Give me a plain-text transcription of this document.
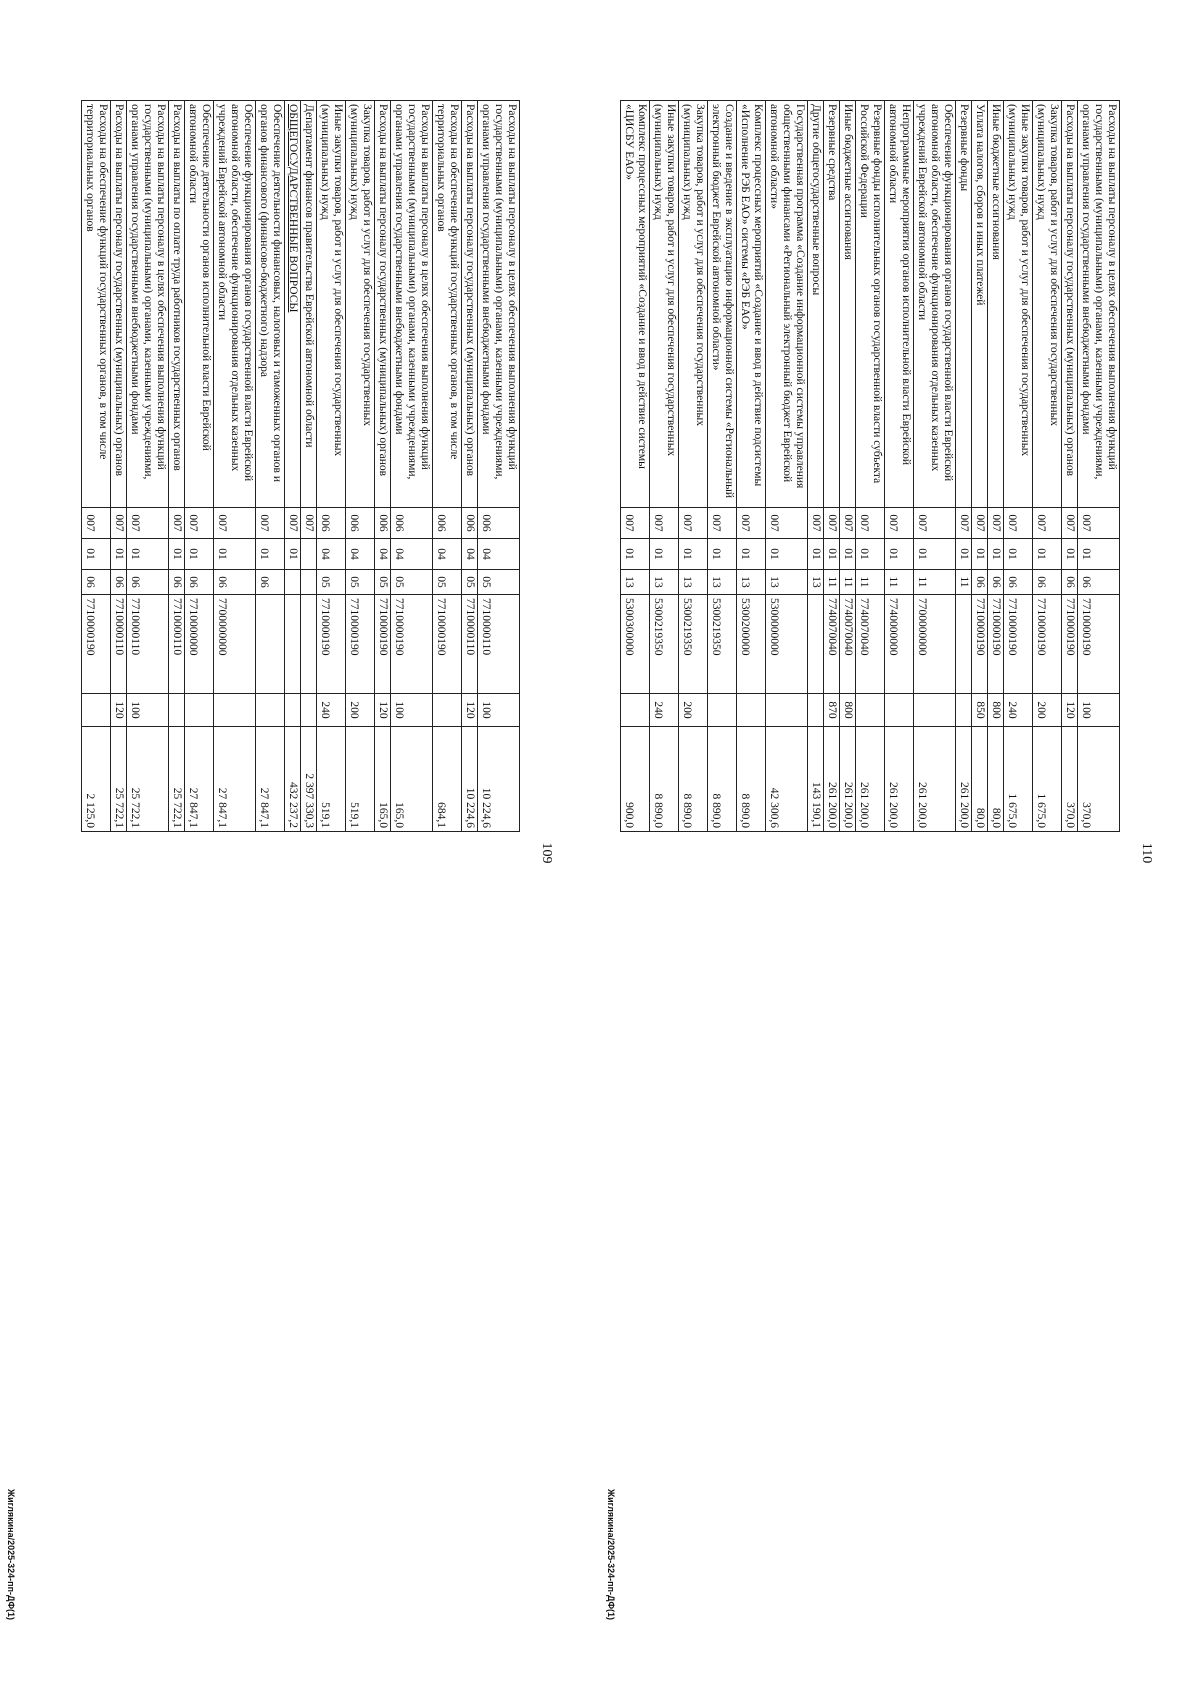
109
Расходы на выплаты персоналу в целях обеспечения выполнения функций государственными (муниципальными) органами, казенными учреждениями, органами управления государственными внебюджетными фондами	006	04	05	7710000110	100	10 224,6
Расходы на выплаты персоналу государственных (муниципальных) органов	006	04	05	7710000110	120	10 224,6
Расходы на обеспечение функций государственных органов, в том числе территориальных органов	006	04	05	7710000190		684,1
Расходы на выплаты персоналу в целях обеспечения выполнения функций государственными (муниципальными) органами, казенными учреждениями, органами управления государственными внебюджетными фондами	006	04	05	7710000190	100	165,0
Расходы на выплаты персоналу государственных (муниципальных) органов	006	04	05	7710000190	120	165,0
Закупка товаров, работ и услуг для обеспечения государственных (муниципальных) нужд	006	04	05	7710000190	200	519,1
Иные закупки товаров, работ и услуг для обеспечения государственных (муниципальных) нужд	006	04	05	7710000190	240	519,1
Департамент финансов правительства Еврейской автономной области	007					2 397 330,3
ОБЩЕГОСУДАРСТВЕННЫЕ ВОПРОСЫ	007	01				432 237,2
Обеспечение деятельности финансовых, налоговых и таможенных органов и органов финансового (финансово-бюджетного) надзора	007	01	06			27 847,1
Обеспечение функционирования органов государственной власти Еврейской автономной области, обеспечение функционирования отдельных казенных учреждений Еврейской автономной области	007	01	06	7700000000		27 847,1
Обеспечение деятельности органов исполнительной власти Еврейской автономной области	007	01	06	7710000000		27 847,1
Расходы на выплаты по оплате труда работников государственных органов	007	01	06	7710000110		25 722,1
Расходы на выплаты персоналу в целях обеспечения выполнения функций государственными (муниципальными) органами, казенными учреждениями, органами управления государственными внебюджетными фондами	007	01	06	7710000110	100	25 722,1
Расходы на выплаты персоналу государственных (муниципальных) органов	007	01	06	7710000110	120	25 722,1
Расходы на обеспечение функций государственных органов, в том числе территориальных органов	007	01	06	7710000190		2 125,0
Жиглякина/2025-324-пп-ДФ(1)
110
Расходы на выплаты персоналу в целях обеспечения выполнения функций государственными (муниципальными) органами, казенными учреждениями, органами управления государственными внебюджетными фондами	007	01	06	7710000190	100	370,0
Расходы на выплаты персоналу государственных (муниципальных) органов	007	01	06	7710000190	120	370,0
Закупка товаров, работ и услуг для обеспечения государственных (муниципальных) нужд	007	01	06	7710000190	200	1 675,0
Иные закупки товаров, работ и услуг для обеспечения государственных (муниципальных) нужд	007	01	06	7710000190	240	1 675,0
Иные бюджетные ассигнования	007	01	06	7710000190	800	80,0
Уплата налогов, сборов и иных платежей	007	01	06	7710000190	850	80,0
Резервные фонды	007	01	11			261 200,0
Обеспечение функционирования органов государственной власти Еврейской автономной области, обеспечение функционирования отдельных казенных учреждений Еврейской автономной области	007	01	11	7700000000		261 200,0
Непрограммные мероприятия органов исполнительной власти Еврейской автономной области	007	01	11	7740000000		261 200,0
Резервные фонды исполнительных органов государственной власти субъекта Российской Федерации	007	01	11	7740070040		261 200,0
Иные бюджетные ассигнования	007	01	11	7740070040	800	261 200,0
Резервные средства	007	01	11	7740070040	870	261 200,0
Другие общегосударственные вопросы	007	01	13			143 190,1
Государственная программа «Создание информационной системы управления общественными финансами «Региональный электронный бюджет Еврейской автономной области»	007	01	13	5300000000		42 300,6
Комплекс процессных мероприятий «Создание и ввод в действие подсистемы «Исполнение РЭБ ЕАО» системы «РЭБ ЕАО»	007	01	13	5300200000		8 890,0
Создание и введение в эксплуатацию информационной системы «Региональный электронный бюджет Еврейской автономной области»	007	01	13	5300219350		8 890,0
Закупка товаров, работ и услуг для обеспечения государственных (муниципальных) нужд	007	01	13	5300219350	200	8 890,0
Иные закупки товаров, работ и услуг для обеспечения государственных (муниципальных) нужд	007	01	13	5300219350	240	8 890,0
Комплекс процессных мероприятий «Создание и ввод в действие системы «ЦИСБУ ЕАО»	007	01	13	5300300000		900,0
Жиглякина/2025-324-пп-ДФ(1)
